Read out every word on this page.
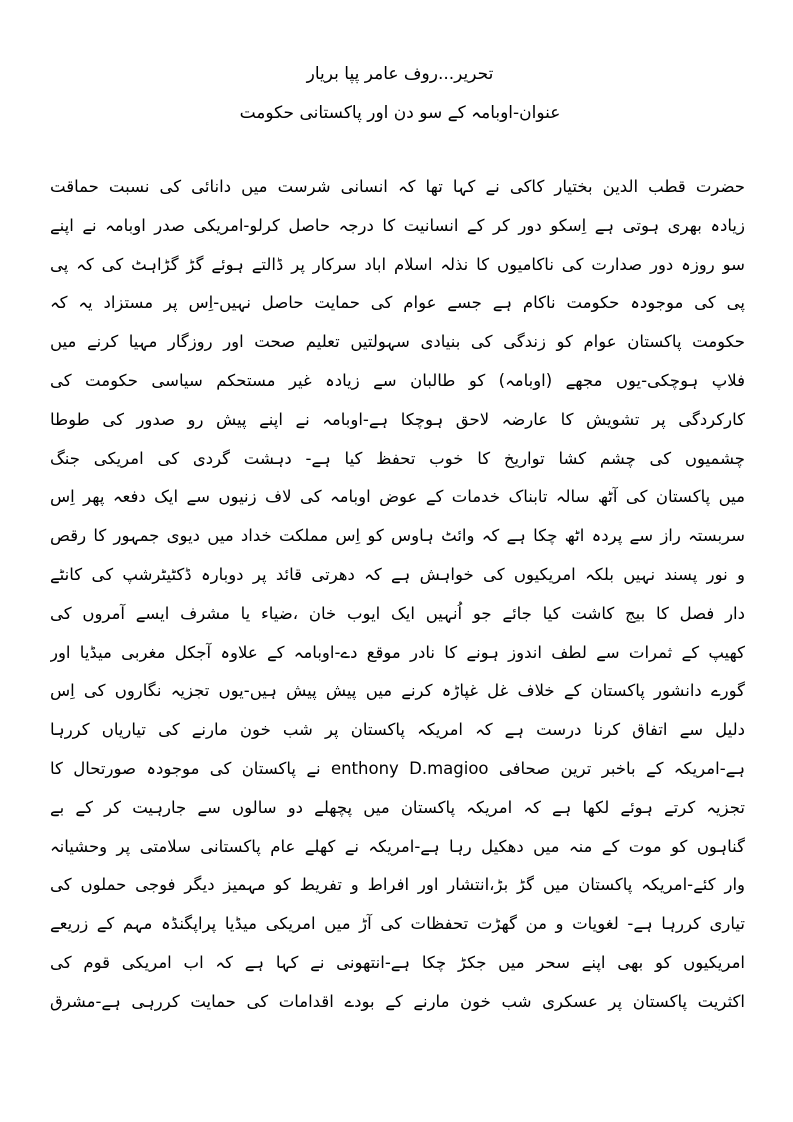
تحریر...روف عامر پپا بریار
عنوان-اوبامہ کے سو دن اور پاکستانی حکومت
حضرت قطب الدین بختیار کاکی نے کہا تھا کہ انسانی شرست میں دانائی کی نسبت حماقت
زیادہ بھری ہوتی ہے اِسکو دور کر کے انسانیت کا درجہ حاصل کرلو-امریکی صدر اوبامہ نے اپنے
سو روزہ دور صدارت کی ناکامیوں کا نذلہ اسلام اباد سرکار پر ڈالتے ہوئے گڑ گڑاہٹ کی کہ پی
پی کی موجودہ حکومت ناکام ہے جسے عوام کی حمایت حاصل نہیں-اِس پر مستزاد یہ کہ
حکومت پاکستان عوام کو زندگی کی بنیادی سہولتیں تعلیم صحت اور روزگار مہیا کرنے میں
فلاپ ہوچکی-یوں مجھے (اوبامہ) کو طالبان سے زیادہ غیر مستحکم سیاسی حکومت کی
کارکردگی پر تشویش کا عارضہ لاحق ہوچکا ہے-اوبامہ نے اپنے پیش رو صدور کی طوطا
چشمیوں کی چشم کشا تواریخ کا خوب تحفظ کیا ہے- دہشت گردی کی امریکی جنگ
میں پاکستان کی آٹھ سالہ تابناک خدمات کے عوض اوبامہ کی لاف زنیوں سے ایک دفعہ پھر اِس
سربستہ راز سے پردہ اٹھ چکا ہے کہ وائٹ ہاوس کو اِس مملکت خداد میں دیوی جمہور کا رقص
و نور پسند نہیں بلکہ امریکیوں کی خواہش ہے کہ دھرتی قائد پر دوبارہ ڈکٹیٹرشپ کی کانٹے
دار فصل کا بیج کاشت کیا جائے جو اُنہیں ایک ایوب خان ،ضیاء یا مشرف ایسے آمروں کی
کھیپ کے ثمرات سے لطف اندوز ہونے کا نادر موقع دے-اوبامہ کے علاوہ آجکل مغربی میڈیا اور
گورے دانشور پاکستان کے خلاف غل غپاڑہ کرنے میں پیش پیش ہیں-یوں تجزیہ نگاروں کی اِس
دلیل سے اتفاق کرنا درست ہے کہ امریکہ پاکستان پر شب خون مارنے کی تیاریاں کررہا
ہے-امریکہ کے باخبر ترین صحافی enthony D.magioo نے پاکستان کی موجودہ صورتحال کا
تجزیہ کرتے ہوئے لکھا ہے کہ امریکہ پاکستان میں پچھلے دو سالوں سے جارہیت کر کے بے
گناہوں کو موت کے منہ میں دھکیل رہا ہے-امریکہ نے کھلے عام پاکستانی سلامتی پر وحشیانہ
وار کئے-امریکہ پاکستان میں گڑ بڑ،انتشار اور افراط و تفریط کو مہمیز دیگر فوجی حملوں کی
تیاری کررہا ہے- لغویات و من گھڑت تحفظات کی آڑ میں امریکی میڈیا پراپگنڈہ مہم کے زریعے
امریکیوں کو بھی اپنے سحر میں جکڑ چکا ہے-انتھونی نے کہا ہے کہ اب امریکی قوم کی
اکثریت پاکستان پر عسکری شب خون مارنے کے بودے اقدامات کی حمایت کررہی ہے-مشرق
